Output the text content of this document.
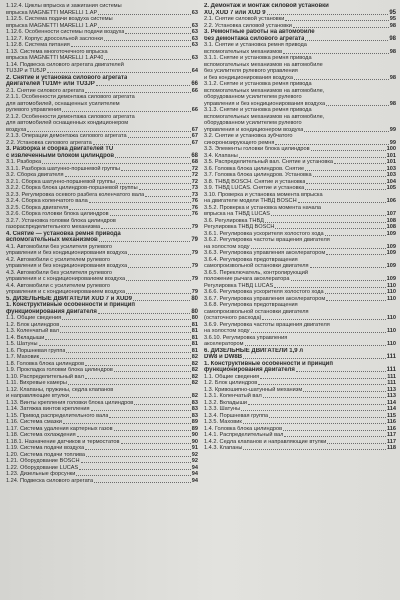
1.12.4. Циклы впрыска и зажигания системы
впрыска MAGNETTI MARELLI 1.AP	63
1.12.5. Система подачи воздуха системы
впрыска MAGNETTI MARELLI 1.AP	63
1.12.6. Особенности системы подачи воздуха	63
1.12.7. Корпус дроссельной заслонки	63
1.12.8. Система питания	63
1.13. Система многоточечного впрыска
впрыска MAGNETTI MARELLI 1.AP40	63
1.14. Подвеска силового агрегата двигателей
TU3JP и TU5JP	64
2. Снятие и установка силового агрегата
двигателей TU1M+ или TU3JP	66
2.1. Снятие силового агрегата	66
2.1.1. Особенности демонтажа силового агрегата
для автомобилей, оснащенных усилителем
рулевого управления	66
2.1.2. Особенности демонтажа силового агрегата
для автомобилей оснащенных кондиционером
воздуха	67
2.1.3. Операции демонтажа силового агрегата	67
2.2. Установка силового агрегата	67
3. Разборка и сборка двигателей TU
с извлеченными блоком цилиндров	68
3.1. Разборка	68
3.1.1. Разборка шатунно-поршневой группы	72
3.2. Сборка двигателя	72
3.2.1. Сборка шатунно-поршневой группы	72
3.2.2. Сборка блока цилиндров-поршневой группы	73
3.2.3. Регулировка осевого разбега коленчатого вала	73
3.2.4. Сборка коленчатого вала	76
3.2.5. Сборка двигателя	76
3.2.6. Сборка головки блока цилиндров	76
3.2.7. Установка головки блока цилиндров
газораспределительного механизма	79
4. Снятие — установка ремня привода
вспомогательных механизмов	79
4.1. Автомобили без усилителя рулевого
управления и без кондиционирования воздуха	79
4.2. Автомобили с усилителем рулевого
управления и без кондиционирования воздуха	79
4.3. Автомобили без усилителя рулевого
управления и с кондиционированием воздуха	79
4.4. Автомобили с усилителем рулевого
управления и с кондиционированием воздуха	79
5. ДИЗЕЛЬНЫЕ ДВИГАТЕЛИ XUD 7 и XUD9	80
1. Конструктивные особенности и принцип
функционирования двигателя	80
1.1. Общие сведения	80
1.2. Блок цилиндров	81
1.3. Коленчатый вал	81
1.4. Вкладыши	81
1.5. Шатуны	81
1.6. Поршневая группа	81
1.7. Маховик	82
1.8. Головка блока цилиндров	82
1.9. Прокладка головки блока цилиндров	82
1.10. Распределительный вал	82
1.11. Вихревые камеры	82
1.12. Клапаны, пружины, седла клапанов
и направляющие втулки	82
1.13. Винты крепления головки блока цилиндров	83
1.14. Затяжка винтов крепления	83
1.15. Привод распределительного вала	83
1.16. Система смазки	89
1.17. Система удаления картерных газов	89
1.18. Система охлаждения	90
1.18.1. Назначение датчиков и термостатов	90
1.19. Система подачи воздуха	91
1.20. Система подачи топлива	92
1.21. Оборудование BOSCH	92
1.22. Оборудование LUCAS	94
1.23. Дизельные форсунки	94
1.24. Подвеска силового агрегата	94
2. Демонтаж и монтаж силовой установки
XU, XUD 7 или XUD 9	95
2.1. Снятие силовой установки	95
2.2. Установка силовой установки	98
3. Ремонтные работы на автомобиле
без демонтажа силового агрегата	98
3.1. Снятие и установка ремня привода
вспомогательных механизмов	98
3.1.1. Снятие и установка ремня привода
вспомогательных механизмов на автомобиле
без усилителя рулевого управления
и без кондиционирования воздуха	98
3.1.2. Снятие и установка ремня привода
вспомогательных механизмов на автомобиле,
оборудованном усилителем рулевого
управления и без кондиционирования воздуха	98
3.1.3. Снятие и установка ремня привода
вспомогательных механизмов на автомобиле,
оборудованном усилителем рулевого
управления и кондиционером воздуха	99
3.2. Снятие и установка зубчатого
синхронизирующего ремня	99
3.3. Элементы головки блока цилиндров	100
3.4. Клапаны	101
3.5. Распределительный вал. Снятие и установка	101
3.6. Головка блока цилиндров. Снятие	103
3.7. Головка блока цилиндров. Установка	103
3.8. ТНВД BOSCH. Снятие и установка	104
3.9. ТНВД LUCAS. Снятие и установка	105
3.10. Проверка и установка момента впрыска
на двигателе модели ТНВД BOSCH	106
3.5.2. Проверка и установка момента начала
впрыска на ТНВД LUCAS	107
3.6. Регулировка ТНВД	108
Регулировка ТНВД BOSCH	108
3.6.1. Регулировка ускорителя холостого хода	109
3.6.2. Регулировка частоты вращения двигателя
на холостом ходу	109
3.6.3. Регулировка управления акселератором	109
3.6.4. Регулировка предотвращения
самопроизвольной остановки двигателя	109
3.6.5. Переключатель, контролирующий
положение рычага акселератора	109
Регулировка ТНВД LUCAS	110
3.6.6. Регулировка ускорителя холостого хода	110
3.6.7. Регулировка управления акселератором	110
3.6.8. Регулировка предотвращения
самопроизвольной остановки двигателя
(остаточного расхода)	110
3.6.9. Регулировка частоты вращения двигателя
на холостом ходу	110
3.6.10. Регулировка управления
акселератором	110
6. ДИЗЕЛЬНЫЕ ДВИГАТЕЛИ 1,9 л
DW8 и DW8B	111
1. Конструктивные особенности и принцип
функционирования двигателя	111
1.1. Общие сведения	111
1.2. Блок цилиндров	111
1.3. Кривошипно-шатунный механизм	113
1.3.1. Коленчатый вал	113
1.3.2. Вкладыши	114
1.3.3. Шатуны	114
1.3.4. Поршневая группа	115
1.3.5. Маховик	116
1.4. Головка блока цилиндров	116
1.4.1. Распределительный вал	117
1.4.2. Седла клапанов и направляющие втулки	117
1.4.3. Клапаны	118
